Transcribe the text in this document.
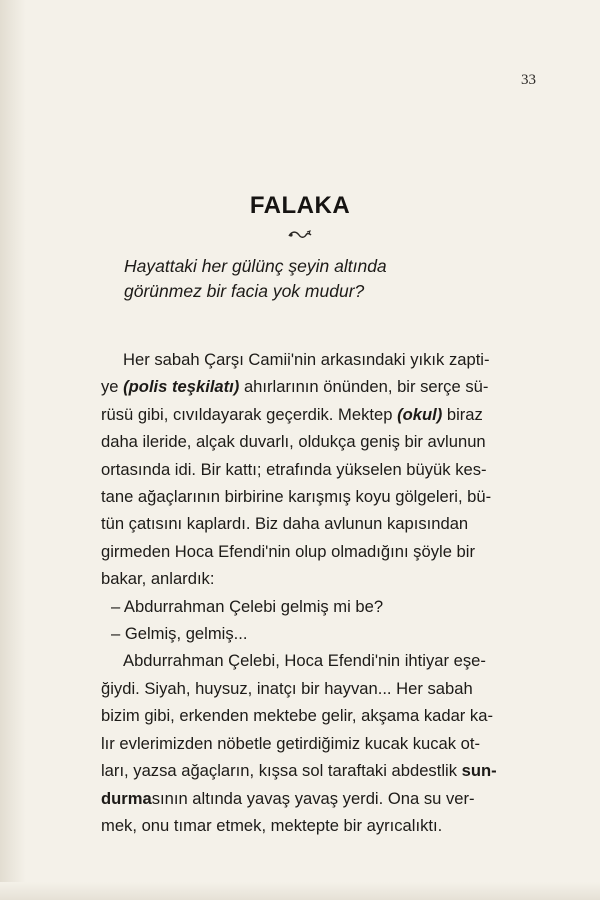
33
FALAKA
Hayattaki her gülünç şeyin altında
görünmez bir facia yok mudur?
Her sabah Çarşı Camii'nin arkasındaki yıkık zapti-
ye (polis teşkilatı) ahırlarının önünden, bir serçe sü-
rüsü gibi, cıvıldayarak geçerdik. Mektep (okul) biraz
daha ileride, alçak duvarlı, oldukça geniş bir avlunun
ortasında idi. Bir kattı; etrafında yükselen büyük kes-
tane ağaçlarının birbirine karışmış koyu gölgeleri, bü-
tün çatısını kaplardı. Biz daha avlunun kapısından
girmeden Hoca Efendi'nin olup olmadığını şöyle bir
bakar, anlardık:
– Abdurrahman Çelebi gelmiş mi be?
– Gelmiş, gelmiş...
Abdurrahman Çelebi, Hoca Efendi'nin ihtiyar eşe-
ğiydi. Siyah, huysuz, inatçı bir hayvan... Her sabah
bizim gibi, erkenden mektebe gelir, akşama kadar ka-
lır evlerimizden nöbetle getirdiğimiz kucak kucak ot-
ları, yazsa ağaçların, kışsa sol taraftaki abdestlik sun-
durmasının altında yavaş yavaş yerdi. Ona su ver-
mek, onu tımar etmek, mektepte bir ayrıcalıktı.
